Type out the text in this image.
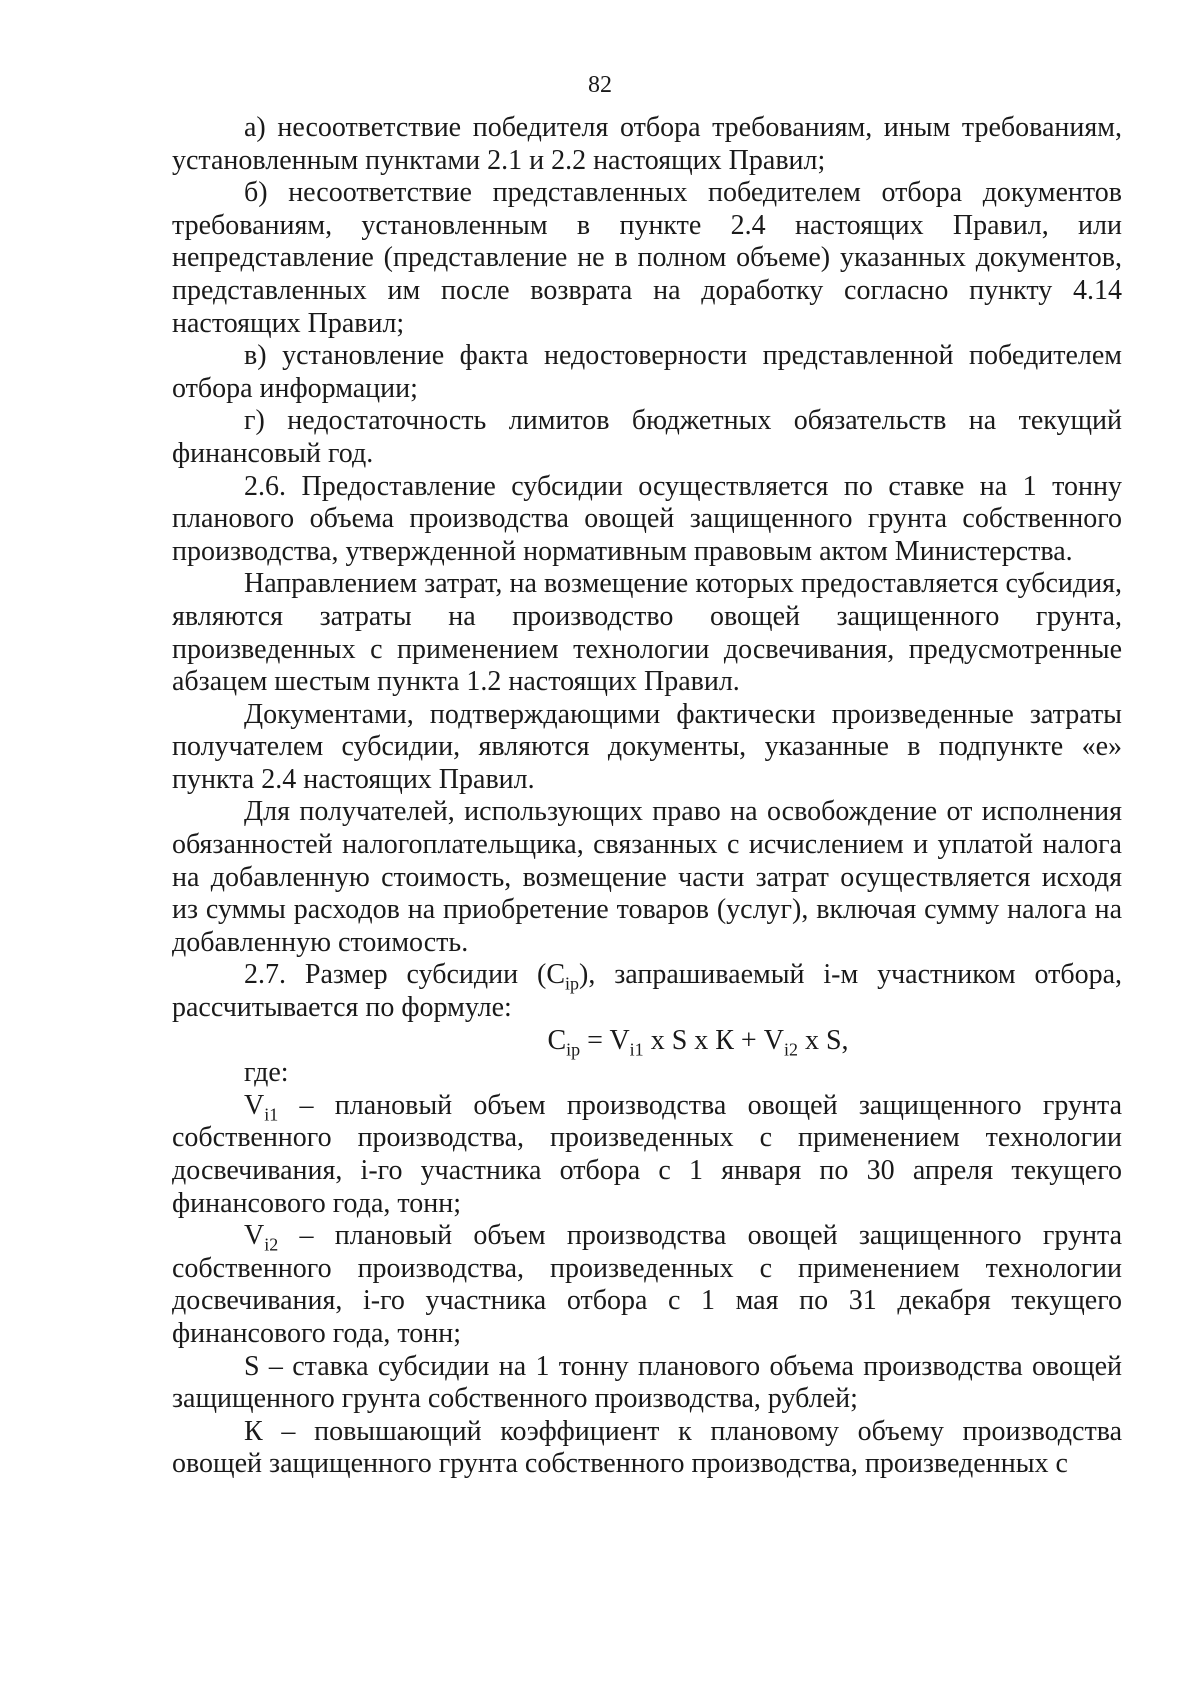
82

а) несоответствие победителя отбора требованиям, иным требованиям, установленным пунктами 2.1 и 2.2 настоящих Правил;

б) несоответствие представленных победителем отбора документов требованиям, установленным в пункте 2.4 настоящих Правил, или непредставление (представление не в полном объеме) указанных документов, представленных им после возврата на доработку согласно пункту 4.14 настоящих Правил;

в) установление факта недостоверности представленной победителем отбора информации;

г) недостаточность лимитов бюджетных обязательств на текущий финансовый год.

2.6. Предоставление субсидии осуществляется по ставке на 1 тонну планового объема производства овощей защищенного грунта собственного производства, утвержденной нормативным правовым актом Министерства.

Направлением затрат, на возмещение которых предоставляется субсидия, являются затраты на производство овощей защищенного грунта, произведенных с применением технологии досвечивания, предусмотренные абзацем шестым пункта 1.2 настоящих Правил.

Документами, подтверждающими фактически произведенные затраты получателем субсидии, являются документы, указанные в подпункте «е» пункта 2.4 настоящих Правил.

Для получателей, использующих право на освобождение от исполнения обязанностей налогоплательщика, связанных с исчислением и уплатой налога на добавленную стоимость, возмещение части затрат осуществляется исходя из суммы расходов на приобретение товаров (услуг), включая сумму налога на добавленную стоимость.

2.7. Размер субсидии $(C_{ip})$, запрашиваемый i-м участником отбора, рассчитывается по формуле:

$C_{ip} = V_{i1}$ x S x $К + V_{i2}$ x S,

где:

$V_{i1}$ – плановый объем производства овощей защищенного грунта собственного производства, произведенных с применением технологии досвечивания, i-го участника отбора с 1 января по 30 апреля текущего финансового года, тонн;

$V_{i2}$ – плановый объем производства овощей защищенного грунта собственного производства, произведенных с применением технологии досвечивания, i-го участника отбора с 1 мая по 31 декабря текущего финансового года, тонн;

S – ставка субсидии на 1 тонну планового объема производства овощей защищенного грунта собственного производства, рублей;

К – повышающий коэффициент к плановому объему производства овощей защищенного грунта собственного производства, произведенных с
